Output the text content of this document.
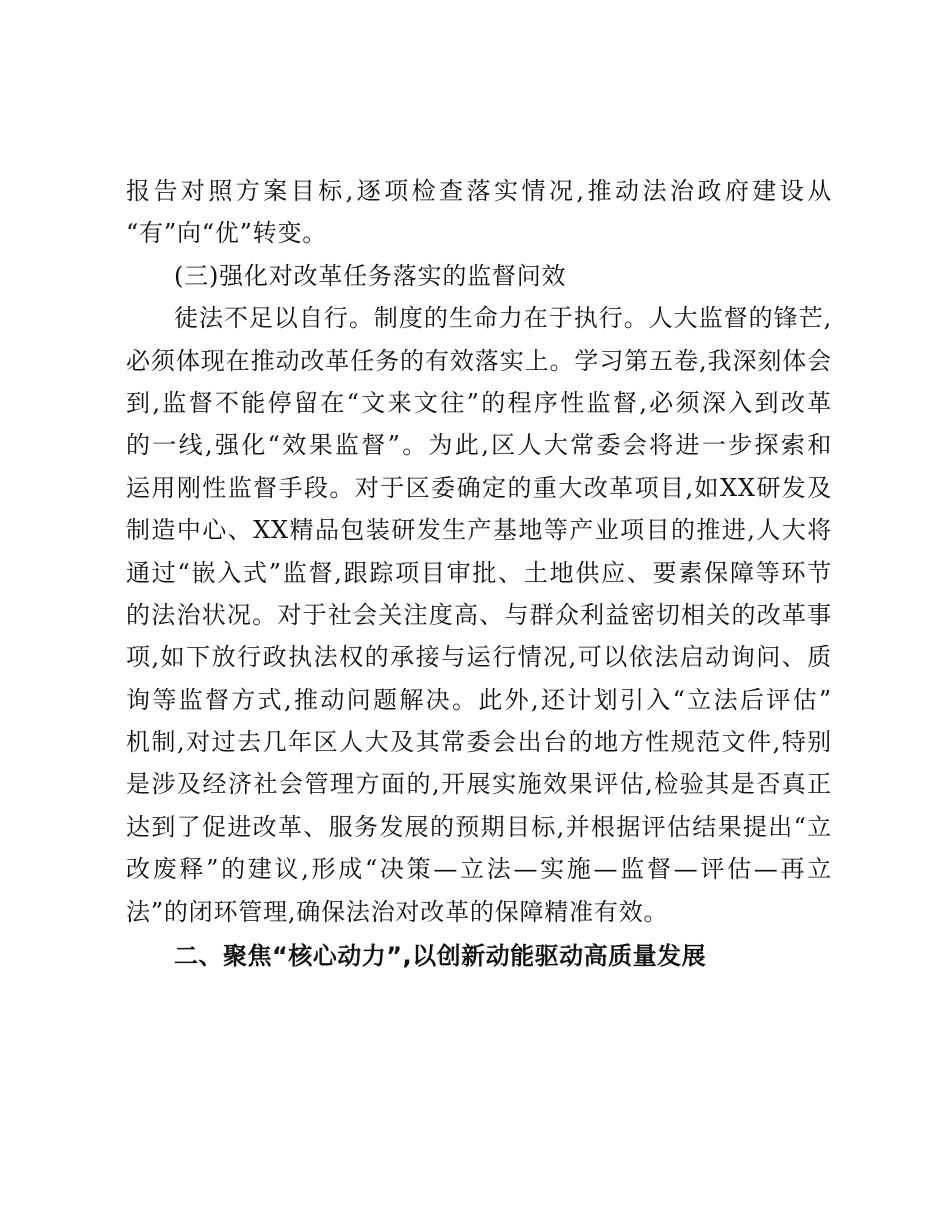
报告对照方案目标,逐项检查落实情况,推动法治政府建设从
“有”向“优”转变。
(三)强化对改革任务落实的监督问效
徒法不足以自行。制度的生命力在于执行。人大监督的锋芒,
必须体现在推动改革任务的有效落实上。学习第五卷,我深刻体会
到,监督不能停留在“文来文往”的程序性监督,必须深入到改革
的一线,强化“效果监督”。为此,区人大常委会将进一步探索和
运用刚性监督手段。对于区委确定的重大改革项目,如XX研发及
制造中心、XX精品包装研发生产基地等产业项目的推进,人大将
通过“嵌入式”监督,跟踪项目审批、土地供应、要素保障等环节
的法治状况。对于社会关注度高、与群众利益密切相关的改革事
项,如下放行政执法权的承接与运行情况,可以依法启动询问、质
询等监督方式,推动问题解决。此外,还计划引入“立法后评估”
机制,对过去几年区人大及其常委会出台的地方性规范文件,特别
是涉及经济社会管理方面的,开展实施效果评估,检验其是否真正
达到了促进改革、服务发展的预期目标,并根据评估结果提出“立
改废释”的建议,形成“决策—立法—实施—监督—评估—再立
法”的闭环管理,确保法治对改革的保障精准有效。
二、聚焦“核心动力”,以创新动能驱动高质量发展
